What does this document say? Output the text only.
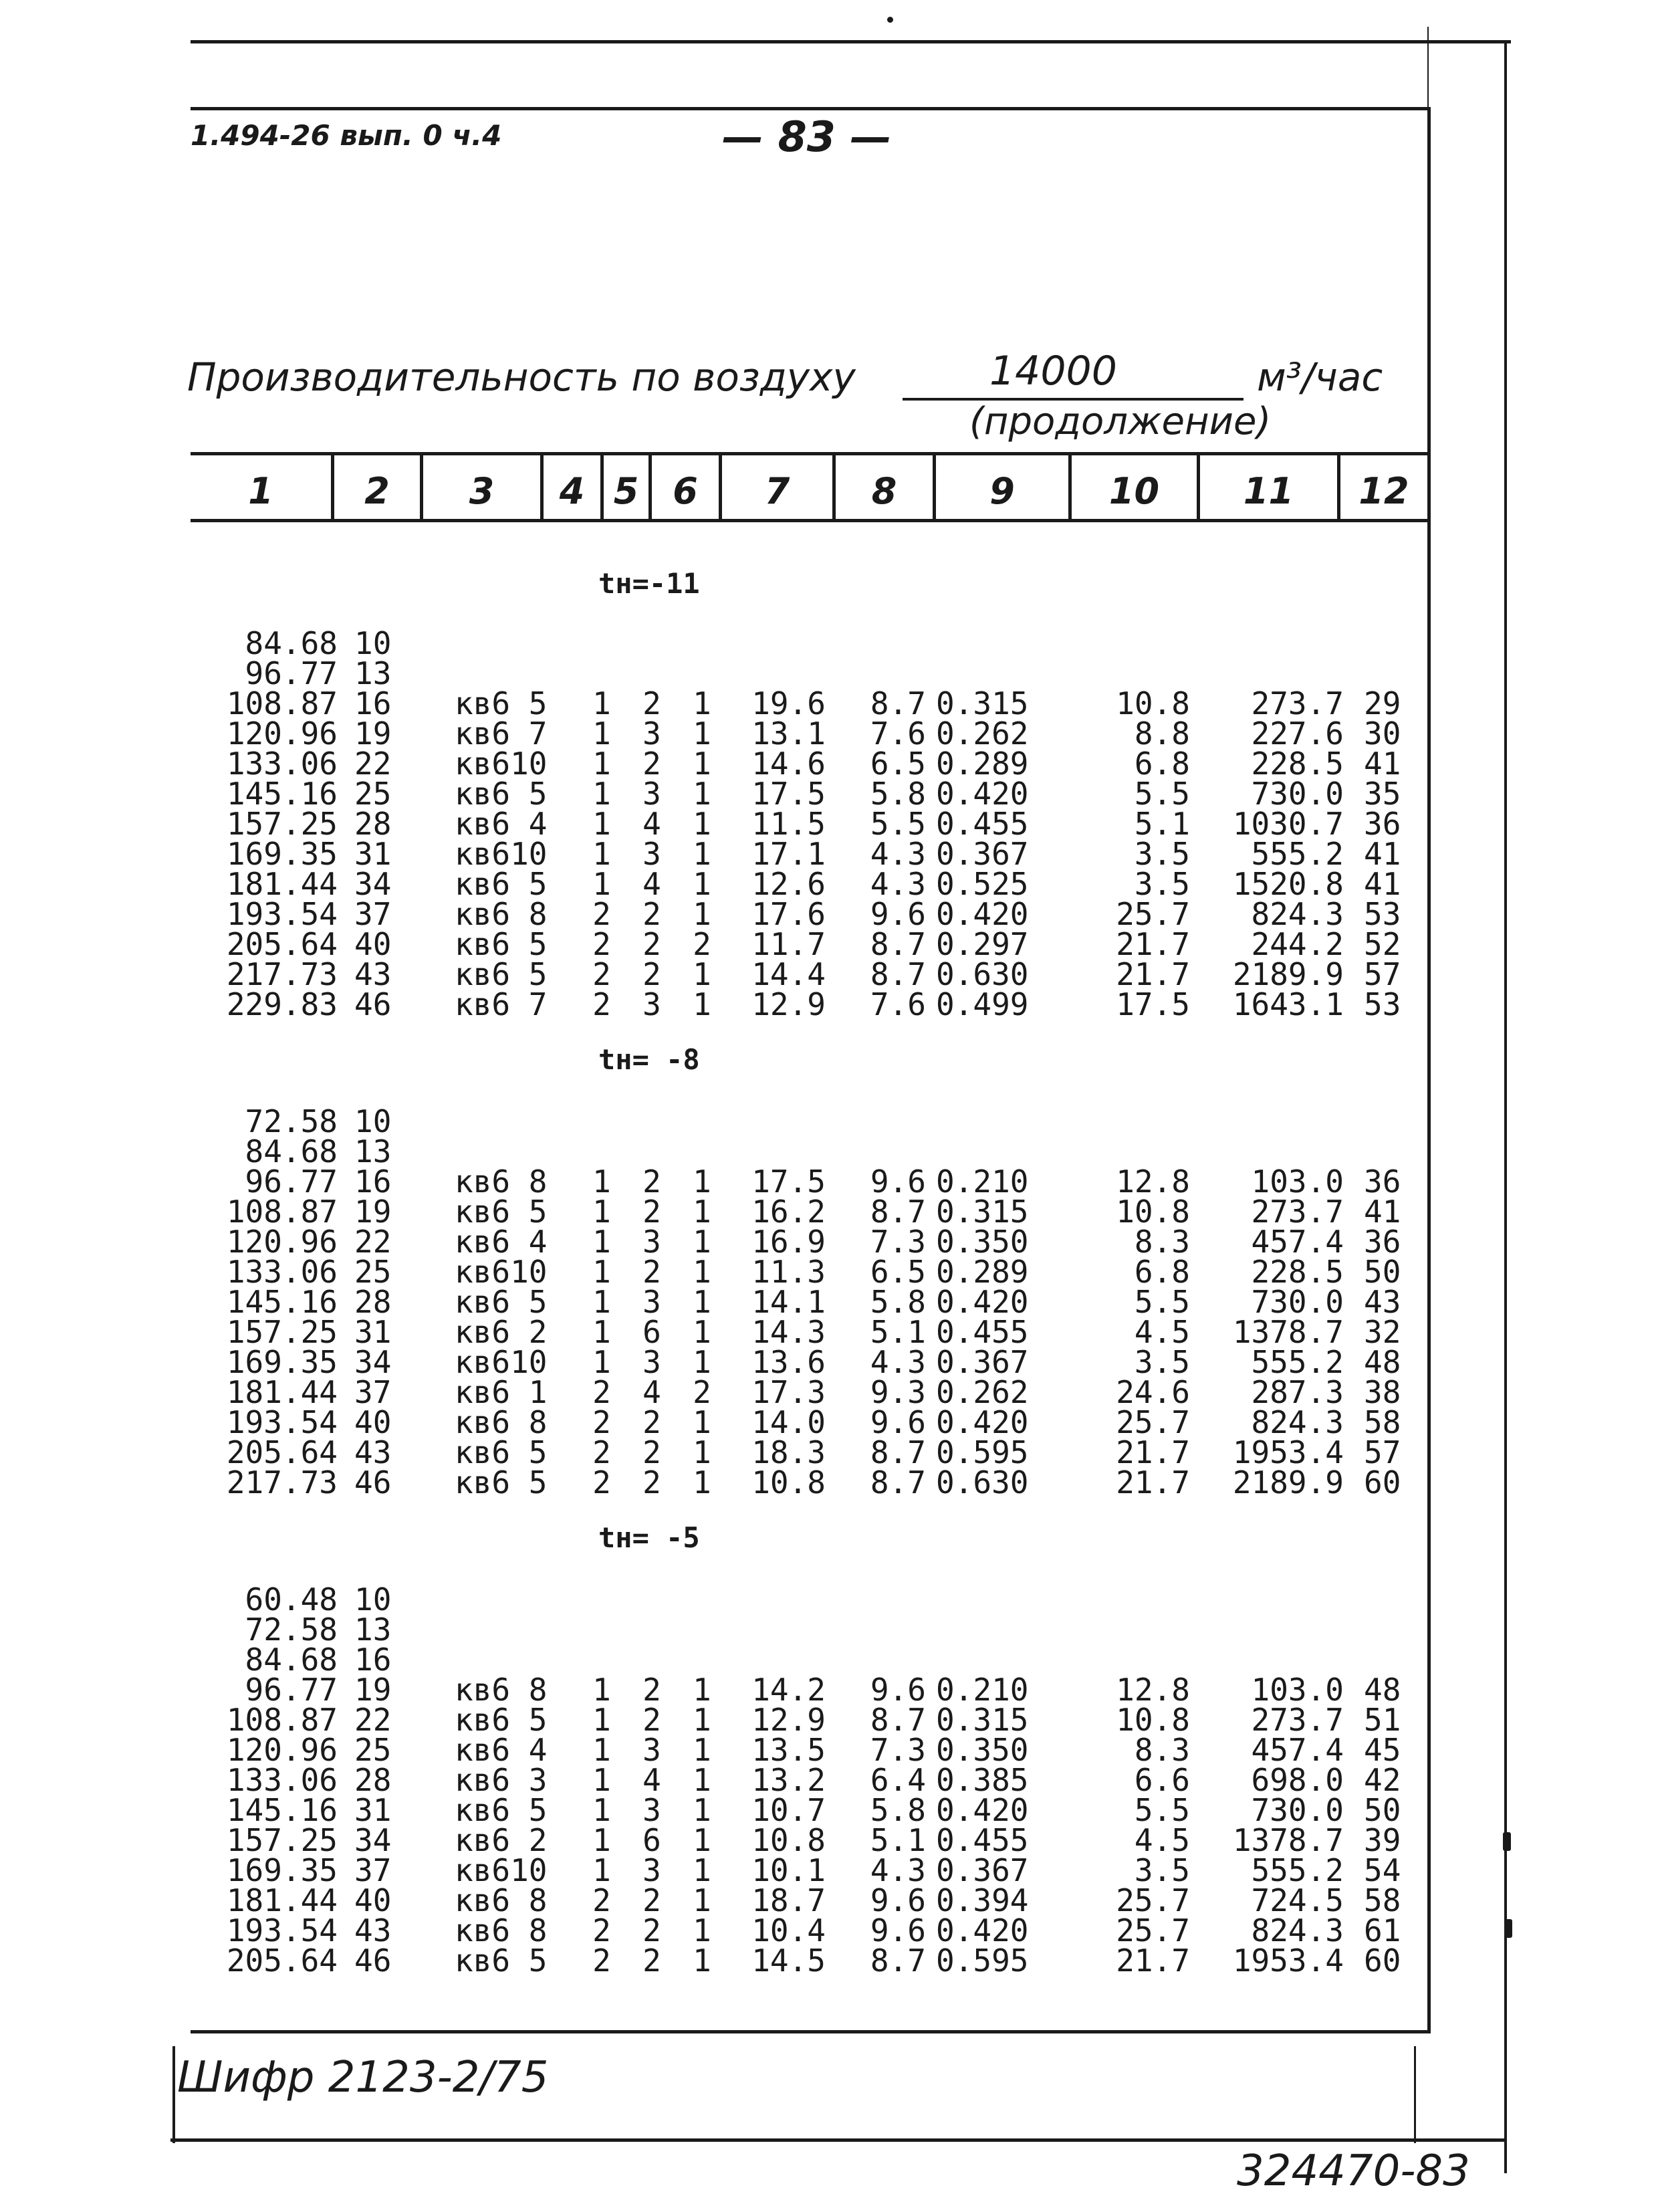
1.494-26 вып. 0 ч.4	— 83 —
Производительность по воздуху	14000	м³/час
(продолжение)
1	2	3	4 5 6	7	8	9	10	11	12
tн=-11
tн= -8
tн= -5
84.68 10
96.77 13
108.87 16	кв6 5	1	2	1	19.6	8.7 0.315	10.8	273.7 29
120.96 19	кв6 7	1	3	1	13.1	7.6 0.262	8.8	227.6 30
133.06 22	кв610	1	2	1	14.6	6.5 0.289	6.8	228.5 41
145.16 25	кв6 5	1	3	1	17.5	5.8 0.420	5.5	730.0 35
157.25 28	кв6 4	1	4	1	11.5	5.5 0.455	5.1	1030.7 36
169.35 31	кв610	1	3	1	17.1	4.3 0.367	3.5	555.2 41
181.44 34	кв6 5	1	4	1	12.6	4.3 0.525	3.5	1520.8 41
193.54 37	кв6 8	2	2	1	17.6	9.6 0.420	25.7	824.3 53
205.64 40	кв6 5	2	2	2	11.7	8.7 0.297	21.7	244.2 52
217.73 43	кв6 5	2	2	1	14.4	8.7 0.630	21.7	2189.9 57
229.83 46	кв6 7	2	3	1	12.9	7.6 0.499	17.5	1643.1 53
72.58 10
84.68 13
96.77 16	кв6 8	1	2	1	17.5	9.6 0.210	12.8	103.0 36
108.87 19	кв6 5	1	2	1	16.2	8.7 0.315	10.8	273.7 41
120.96 22	кв6 4	1	3	1	16.9	7.3 0.350	8.3	457.4 36
133.06 25	кв610	1	2	1	11.3	6.5 0.289	6.8	228.5 50
145.16 28	кв6 5	1	3	1	14.1	5.8 0.420	5.5	730.0 43
157.25 31	кв6 2	1	6	1	14.3	5.1 0.455	4.5	1378.7 32
169.35 34	кв610	1	3	1	13.6	4.3 0.367	3.5	555.2 48
181.44 37	кв6 1	2	4	2	17.3	9.3 0.262	24.6	287.3 38
193.54 40	кв6 8	2	2	1	14.0	9.6 0.420	25.7	824.3 58
205.64 43	кв6 5	2	2	1	18.3	8.7 0.595	21.7	1953.4 57
217.73 46	кв6 5	2	2	1	10.8	8.7 0.630	21.7	2189.9 60
60.48 10
72.58 13
84.68 16
96.77 19	кв6 8	1	2	1	14.2	9.6 0.210	12.8	103.0 48
108.87 22	кв6 5	1	2	1	12.9	8.7 0.315	10.8	273.7 51
120.96 25	кв6 4	1	3	1	13.5	7.3 0.350	8.3	457.4 45
133.06 28	кв6 3	1	4	1	13.2	6.4 0.385	6.6	698.0 42
145.16 31	кв6 5	1	3	1	10.7	5.8 0.420	5.5	730.0 50
157.25 34	кв6 2	1	6	1	10.8	5.1 0.455	4.5	1378.7 39
169.35 37	кв610	1	3	1	10.1	4.3 0.367	3.5	555.2 54
181.44 40	кв6 8	2	2	1	18.7	9.6 0.394	25.7	724.5 58
193.54 43	кв6 8	2	2	1	10.4	9.6 0.420	25.7	824.3 61
205.64 46	кв6 5	2	2	1	14.5	8.7 0.595	21.7	1953.4 60
Шифр 2123-2/75
324470-83
